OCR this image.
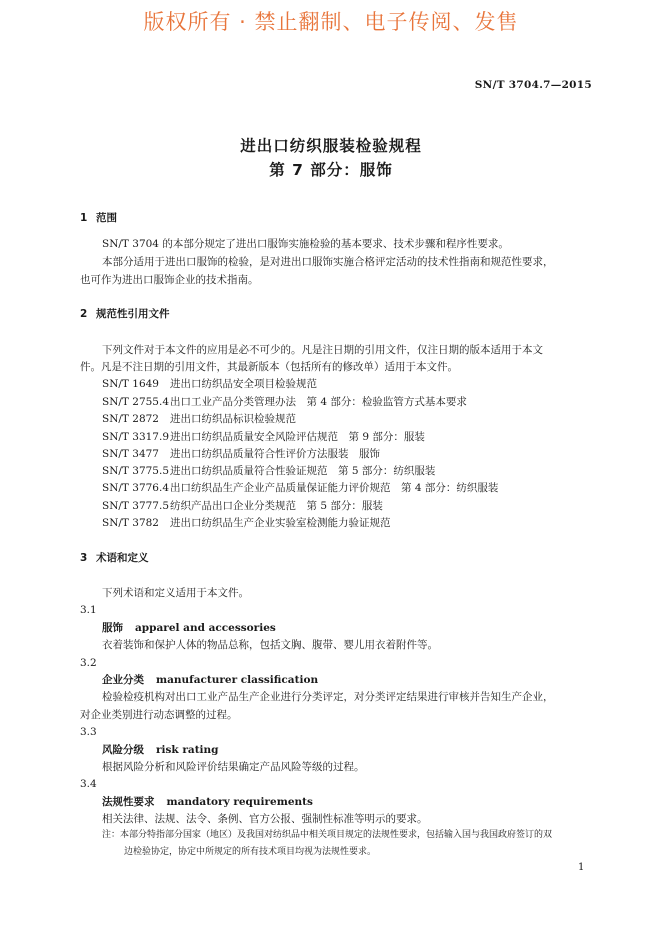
版权所有 · 禁止翻制、电子传阅、发售
SN/T 3704.7—2015
进出口纺织服装检验规程
第 7 部分：服饰
1 范围
SN/T 3704 的本部分规定了进出口服饰实施检验的基本要求、技术步骤和程序性要求。
本部分适用于进出口服饰的检验，是对进出口服饰实施合格评定活动的技术性指南和规范性要求，
也可作为进出口服饰企业的技术指南。
2 规范性引用文件
下列文件对于本文件的应用是必不可少的。凡是注日期的引用文件，仅注日期的版本适用于本文
件。凡是不注日期的引用文件，其最新版本（包括所有的修改单）适用于本文件。
SN/T 1649 进出口纺织品安全项目检验规范
SN/T 2755.4出口工业产品分类管理办法　第 4 部分：检验监管方式基本要求
SN/T 2872 进出口纺织品标识检验规范
SN/T 3317.9进出口纺织品质量安全风险评估规范　第 9 部分：服装
SN/T 3477 进出口纺织品质量符合性评价方法服装　服饰
SN/T 3775.5进出口纺织品质量符合性验证规范　第 5 部分：纺织服装
SN/T 3776.4出口纺织品生产企业产品质量保证能力评价规范　第 4 部分：纺织服装
SN/T 3777.5纺织产品出口企业分类规范　第 5 部分：服装
SN/T 3782 进出口纺织品生产企业实验室检测能力验证规范
3 术语和定义
下列术语和定义适用于本文件。
3.1
服饰 apparel and accessories
衣着装饰和保护人体的物品总称，包括文胸、腹带、婴儿用衣着附件等。
3.2
企业分类 manufacturer classification
检验检疫机构对出口工业产品生产企业进行分类评定，对分类评定结果进行审核并告知生产企业，
对企业类别进行动态调整的过程。
3.3
风险分级 risk rating
根据风险分析和风险评价结果确定产品风险等级的过程。
3.4
法规性要求 mandatory requirements
相关法律、法规、法令、条例、官方公报、强制性标准等明示的要求。
注：本部分特指部分国家（地区）及我国对纺织品中相关项目规定的法规性要求，包括输入国与我国政府签订的双
边检验协定，协定中所规定的所有技术项目均视为法规性要求。
1
